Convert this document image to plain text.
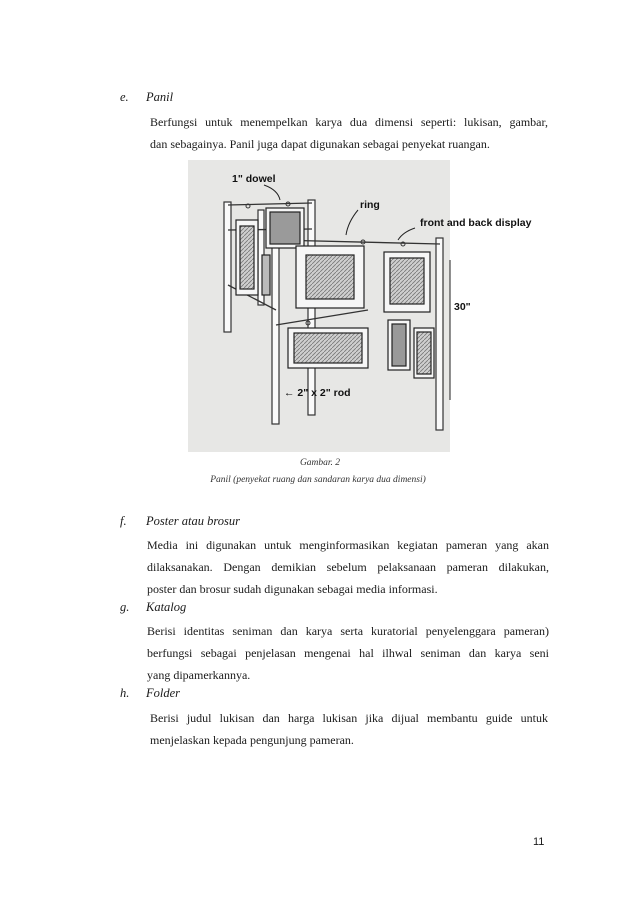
e. Panil
Berfungsi untuk menempelkan karya dua dimensi seperti: lukisan, gambar,
dan sebagainya. Panil juga dapat digunakan sebagai penyekat ruangan.
1" dowel
ring
front and back display
30"
← 2" x 2" rod
Gambar. 2
Panil (penyekat ruang dan sandaran karya dua dimensi)
f. Poster atau brosur
Media ini digunakan untuk menginformasikan kegiatan pameran yang akan
dilaksanakan. Dengan demikian sebelum pelaksanaan pameran dilakukan,
poster dan brosur sudah digunakan sebagai media informasi.
g. Katalog
Berisi identitas seniman dan karya serta kuratorial penyelenggara pameran)
berfungsi sebagai penjelasan mengenai hal ilhwal seniman dan karya seni
yang dipamerkannya.
h. Folder
Berisi judul lukisan dan harga lukisan jika dijual membantu guide untuk
menjelaskan kepada pengunjung pameran.
11
